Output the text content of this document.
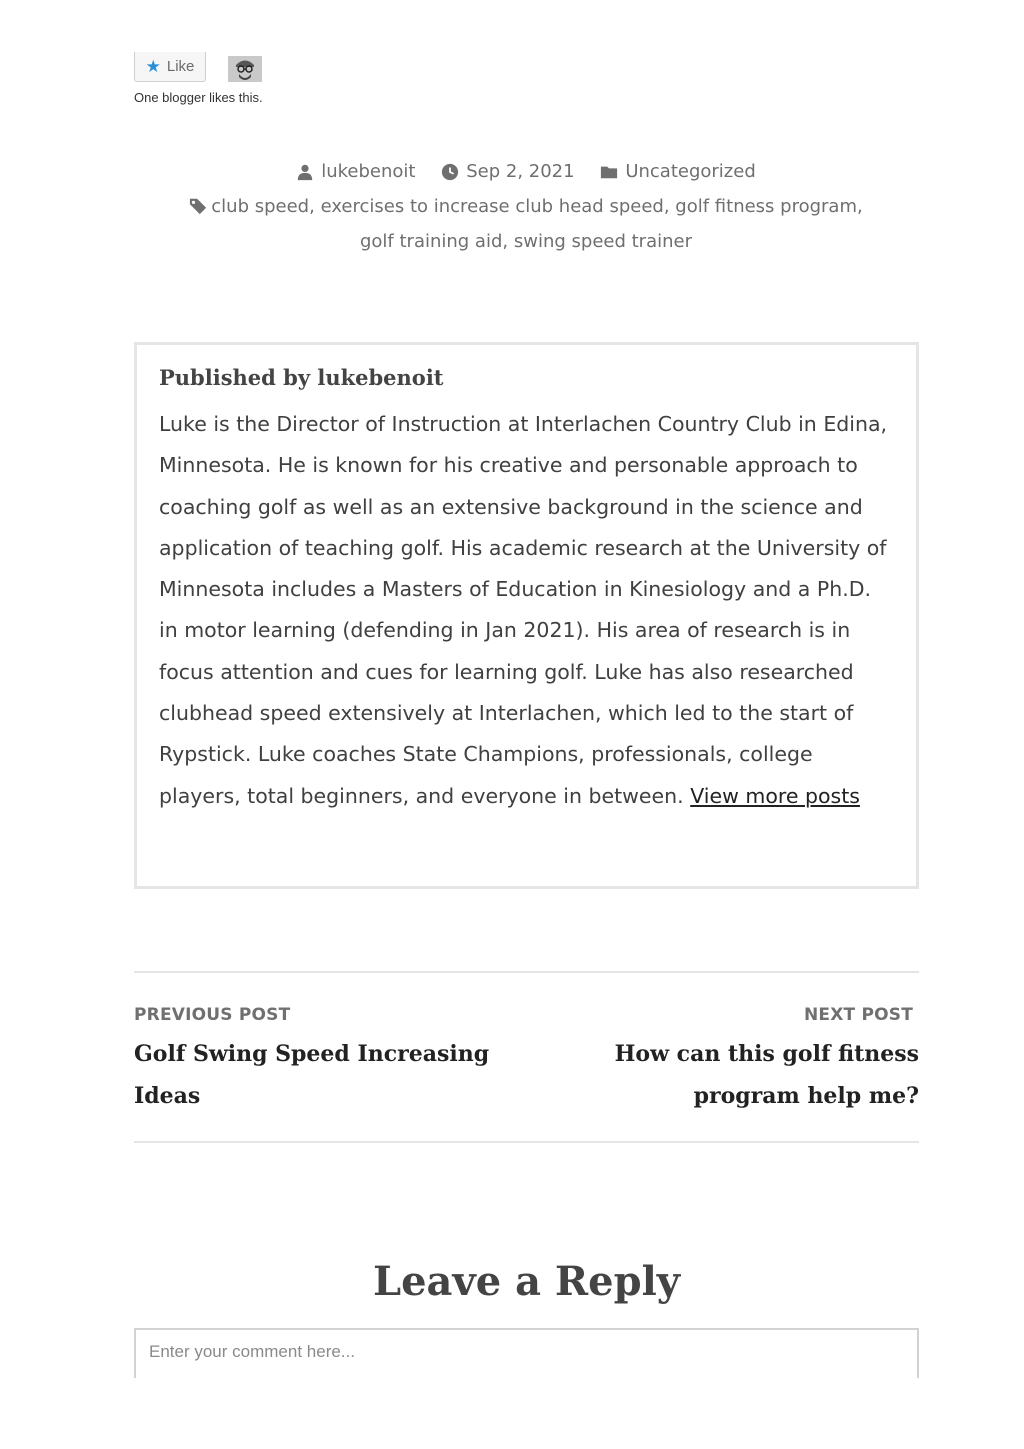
★ Like
One blogger likes this.
lukebenoit
	Sep 2, 2021
	Uncategorized
club speed, exercises to increase club head speed, golf fitness program,
golf training aid, swing speed trainer
Published by lukebenoit

Luke is the Director of Instruction at Interlachen Country Club in Edina, Minnesota. He is known for his creative and personable approach to coaching golf as well as an extensive background in the science and application of teaching golf. His academic research at the University of Minnesota includes a Masters of Education in Kinesiology and a Ph.D. in motor learning (defending in Jan 2021). His area of research is in focus attention and cues for learning golf. Luke has also researched clubhead speed extensively at Interlachen, which led to the start of Rypstick. Luke coaches State Champions, professionals, college players, total beginners, and everyone in between. View more posts

PREVIOUS POST
Golf Swing Speed Increasing Ideas
NEXT POST
How can this golf fitness program help me?
Leave a Reply
Enter your comment here...
